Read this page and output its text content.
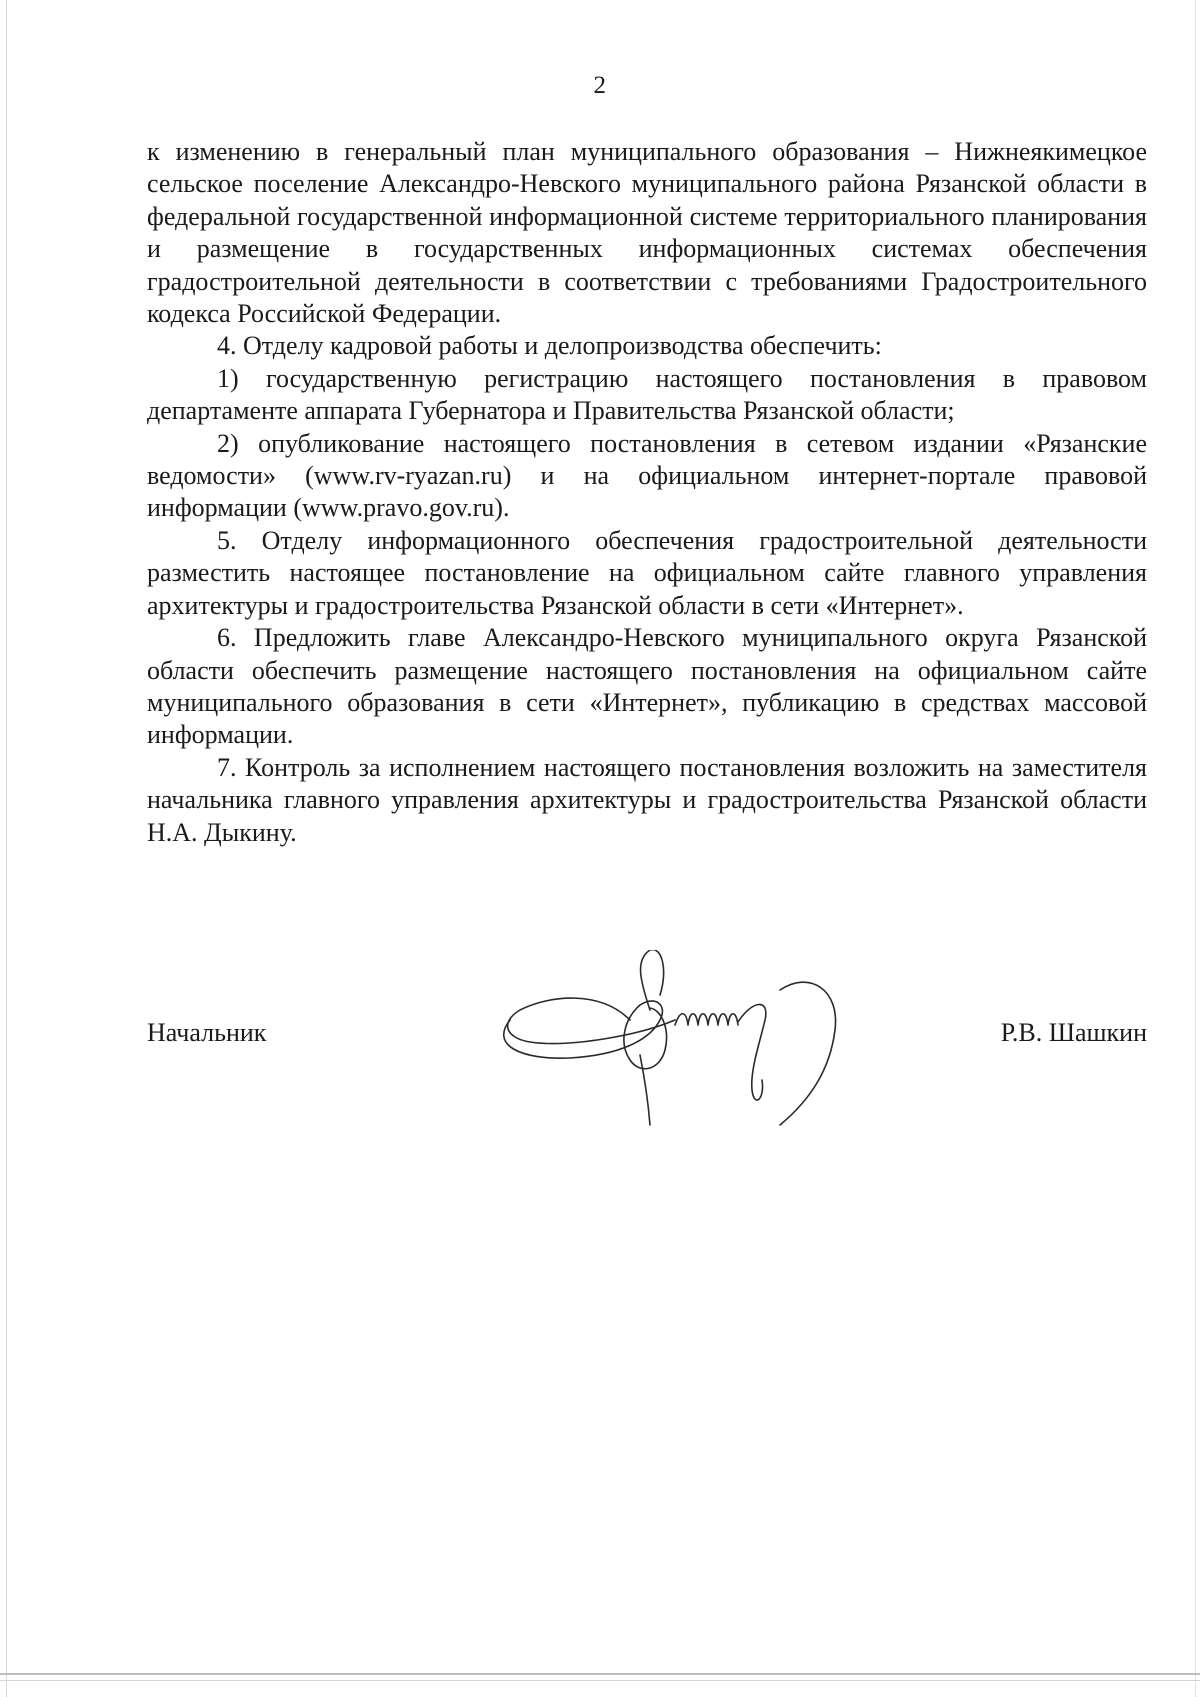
2

к изменению в генеральный план муниципального образования – Нижнеякимецкое сельское поселение Александро-Невского муниципального района Рязанской области в федеральной государственной информационной системе территориального планирования и размещение в государственных информационных системах обеспечения градостроительной деятельности в соответствии с требованиями Градостроительного кодекса Российской Федерации.

4. Отделу кадровой работы и делопроизводства обеспечить:

1) государственную регистрацию настоящего постановления в правовом департаменте аппарата Губернатора и Правительства Рязанской области;

2) опубликование настоящего постановления в сетевом издании «Рязанские ведомости» (www.rv-ryazan.ru) и на официальном интернет-портале правовой информации (www.pravo.gov.ru).

5. Отделу информационного обеспечения градостроительной деятельности разместить настоящее постановление на официальном сайте главного управления архитектуры и градостроительства Рязанской области в сети «Интернет».

6. Предложить главе Александро-Невского муниципального округа Рязанской области обеспечить размещение настоящего постановления на официальном сайте муниципального образования в сети «Интернет», публикацию в средствах массовой информации.

7. Контроль за исполнением настоящего постановления возложить на заместителя начальника главного управления архитектуры и градостроительства Рязанской области Н.А. Дыкину.

Начальник	Р.В. Шашкин
